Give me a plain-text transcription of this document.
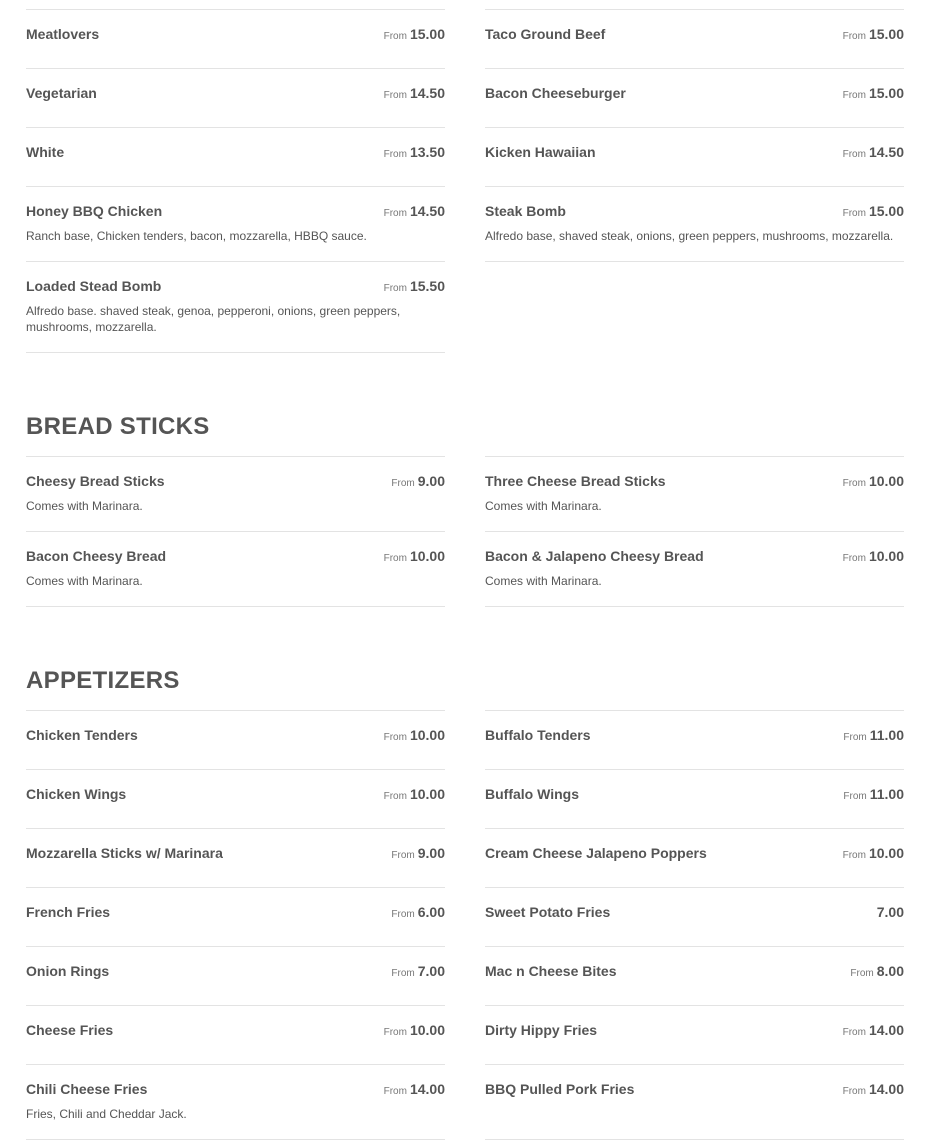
Meatlovers	From 15.00
Vegetarian	From 14.50
White	From 13.50
Honey BBQ Chicken	From 14.50
Ranch base, Chicken tenders, bacon, mozzarella, HBBQ sauce.
Loaded Stead Bomb	From 15.50
Alfredo base. shaved steak, genoa, pepperoni, onions, green peppers, mushrooms, mozzarella.
Taco Ground Beef	From 15.00
Bacon Cheeseburger	From 15.00
Kicken Hawaiian	From 14.50
Steak Bomb	From 15.00
Alfredo base, shaved steak, onions, green peppers, mushrooms, mozzarella.
BREAD STICKS
Cheesy Bread Sticks	From 9.00
Comes with Marinara.
Bacon Cheesy Bread	From 10.00
Comes with Marinara.
Three Cheese Bread Sticks	From 10.00
Comes with Marinara.
Bacon & Jalapeno Cheesy Bread	From 10.00
Comes with Marinara.
APPETIZERS
Chicken Tenders	From 10.00
Chicken Wings	From 10.00
Mozzarella Sticks w/ Marinara	From 9.00
French Fries	From 6.00
Onion Rings	From 7.00
Cheese Fries	From 10.00
Chili Cheese Fries	From 14.00
Fries, Chili and Cheddar Jack.
Buffalo Tenders	From 11.00
Buffalo Wings	From 11.00
Cream Cheese Jalapeno Poppers	From 10.00
Sweet Potato Fries	7.00
Mac n Cheese Bites	From 8.00
Dirty Hippy Fries	From 14.00
BBQ Pulled Pork Fries	From 14.00
